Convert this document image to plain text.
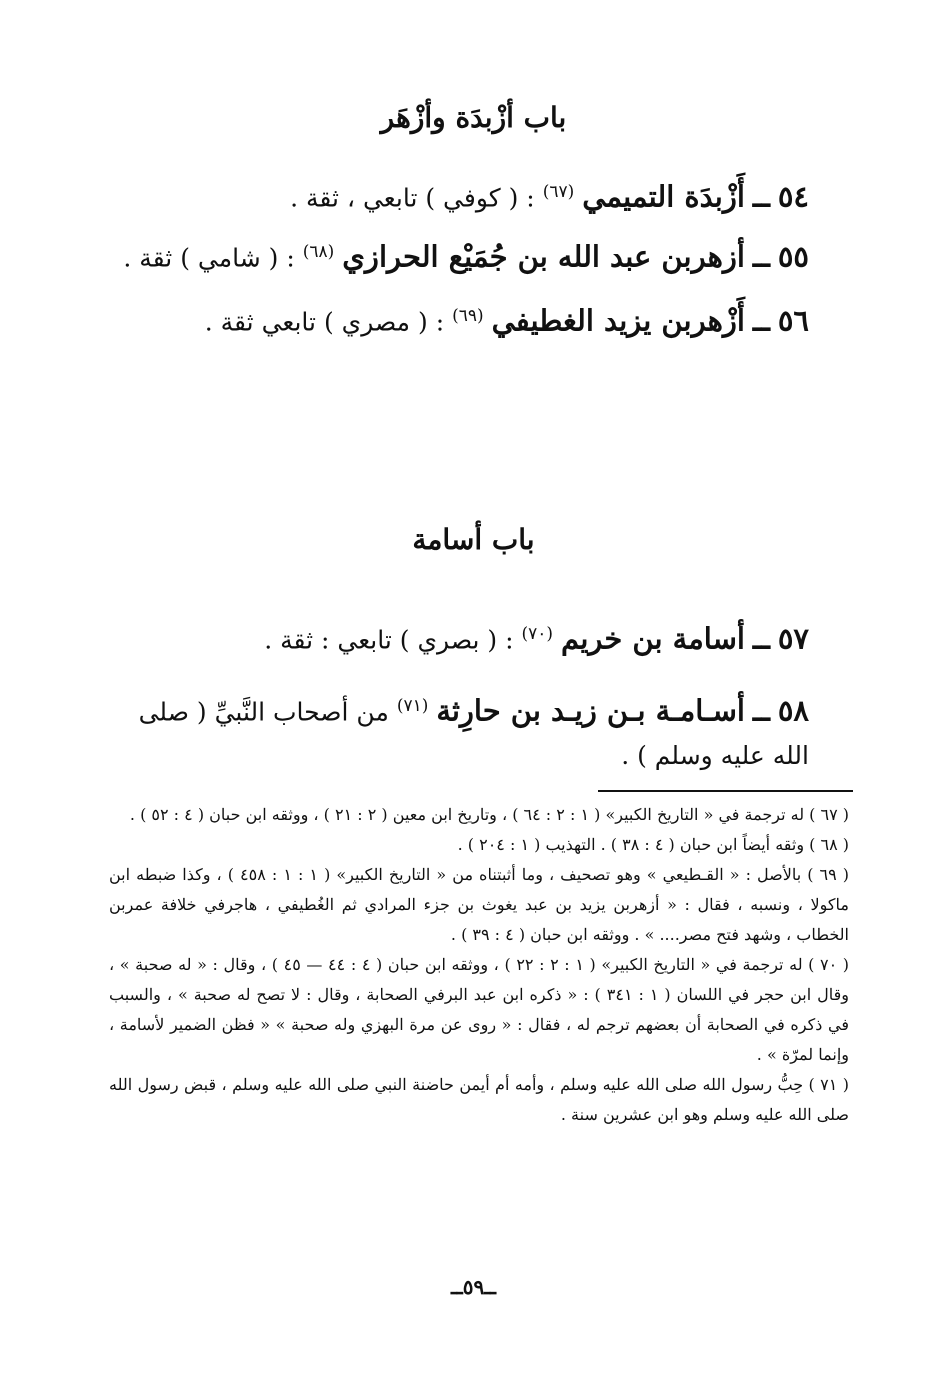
باب أزْبدَة وأزْهَر
٥٤ ــ أَزْبدَة التميمي $^{(٦٧)}$ : ( كوفي ) تابعي ، ثقة .
٥٥ ــ أزهربن عبد الله بن جُمَيْع الحرازي $^{(٦٨)}$ : ( شامي ) ثقة .
٥٦ ــ أَزْهربن يزيد الغطيفي $^{(٦٩)}$ : ( مصري ) تابعي ثقة .
باب أسامة
٥٧ ــ أسامة بن خريم $^{(٧٠)}$ : ( بصري ) تابعي : ثقة .
٥٨ ــ أسـامـة بـن زيـد بن حارِثة $^{(٧١)}$ من أصحاب النَّبيِّ ( صلى الله عليه وسلم ) .

( ٦٧ ) له ترجمة في « التاريخ الكبير» ( ١ : ٢ : ٦٤ ) ، وتاريخ ابن معين ( ٢ : ٢١ ) ، ووثقه ابن حبان ( ٤ : ٥٢ ) .

( ٦٨ ) وثقه أيضاً ابن حبان ( ٤ : ٣٨ ) . التهذيب ( ١ : ٢٠٤ ) .

( ٦٩ ) بالأصل : « القـطيعي » وهو تصحيف ، وما أثبتناه من « التاريخ الكبير» ( ١ : ١ : ٤٥٨ ) ، وكذا ضبطه ابن ماكولا ، ونسبه ، فقال : « أزهربن يزيد بن عبد يغوث بن جزء المرادي ثم الغُطيفي ، هاجرفي خلافة عمربن الخطاب ، وشهد فتح مصر.... » . ووثقه ابن حبان ( ٤ : ٣٩ ) .

( ٧٠ ) له ترجمة في « التاريخ الكبير» ( ١ : ٢ : ٢٢ ) ، ووثقه ابن حبان ( ٤ : ٤٤ — ٤٥ ) ، وقال : « له صحبة » ، وقال ابن حجر في اللسان ( ١ : ٣٤١ ) : « ذكره ابن عبد البرفي الصحابة ، وقال : لا تصح له صحبة » ، والسبب في ذكره في الصحابة أن بعضهم ترجم له ، فقال : « روى عن مرة البهزي وله صحبة » « فظن الضمير لأسامة ، وإنما لمرّة » .

( ٧١ ) حِبُّ رسول الله صلى الله عليه وسلم ، وأمه أم أيمن حاضنة النبي صلى الله عليه وسلم ، قبض رسول الله صلى الله عليه وسلم وهو ابن عشرين سنة .

ــ٥٩ــ
